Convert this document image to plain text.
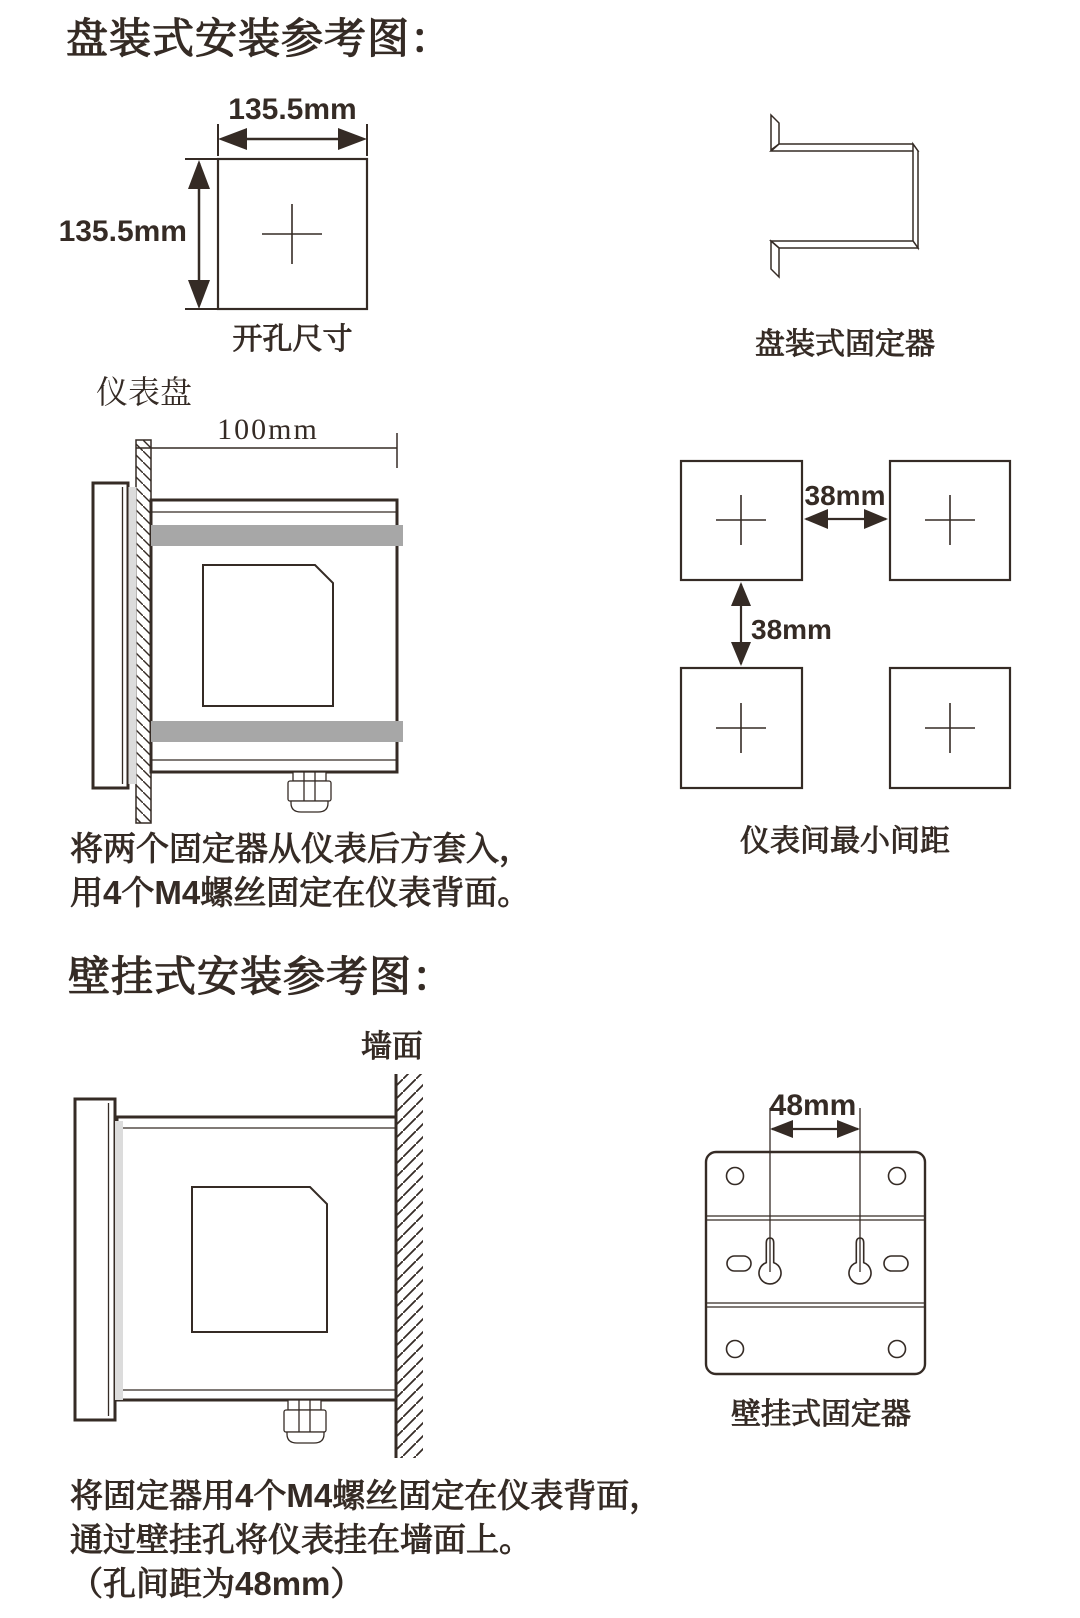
盘装式安装参考图：
135.5mm
135.5mm
开孔尺寸	盘装式固定器
仪表盘
100mm
38mm
38mm
仪表间最小间距
将两个固定器从仪表后方套入，
用4个M4螺丝固定在仪表背面。
壁挂式安装参考图：
墙面
48mm
壁挂式固定器
将固定器用4个M4螺丝固定在仪表背面，
通过壁挂孔将仪表挂在墙面上。
（孔间距为48mm）
